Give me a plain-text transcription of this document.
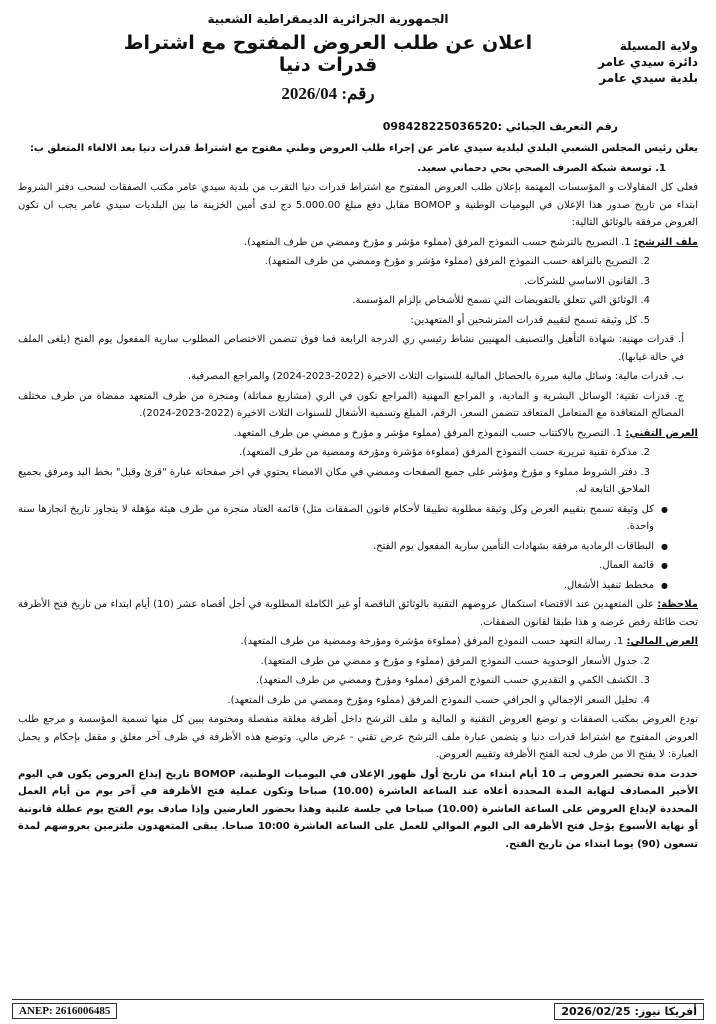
الجمهورية الجزائرية الديمقراطية الشعبية
اعلان عن طلب العروض المفتوح مع اشتراط قدرات دنيا
رقم: 2026/04
ولاية المسيلة
دائرة سيدي عامر
بلدية سيدي عامر
رقم التعريف الجبائي :098428225036520

يعلن رئيس المجلس الشعبي البلدي لبلدية سيدي عامر عن إجراء طلب العروض وطني مفتوح مع اشتراط قدرات دنيا بعد الالغاء المتعلق ب:

1. توسعة شبكة الصرف الصحي بحي دحماني سعيد.

فعلى كل المقاولات و المؤسسات المهتمة بإعلان طلب العروض المفتوح مع اشتراط قدرات دنيا التقرب من بلدية سيدي عامر مكتب الصفقات لسحب دفتر الشروط ابتداء من تاريخ صدور هذا الإعلان في اليوميات الوطنية و BOMOP مقابل دفع مبلغ 5.000.00 دج لدى أمين الخزينة ما بين البلديات سيدي عامر يجب ان تكون العروض مرفقة بالوثائق التالية:

ملف الترشح: 1. التصريح بالترشح حسب النموذج المرفق (مملوء مؤشر و مؤرخ وممضي من طرف المتعهد).

2. التصريح بالنزاهة حسب النموذج المرفق (مملوء مؤشر و مؤرخ وممضي من طرف المتعهد).

3. القانون الاساسي للشركات.

4. الوثائق التي تتعلق بالتفويضات التي تسمح للأشخاص بإلزام المؤسسة.

5. كل وثيقة تسمح لتقييم قدرات المترشحين أو المتعهدين:

أ. قدرات مهنية: شهادة التأهيل والتصنيف المهنيين نشاط رئيسي ري الدرجة الرابعة فما فوق تتضمن الاختصاص المطلوب سارية المفعول يوم الفتح (يلغى الملف في حالة غيابها).

ب. قدرات مالية: وسائل مالية مبررة بالحصائل المالية للسنوات الثلاث الاخيرة (2022-2023-2024) والمراجع المصرفية.

ج. قدرات تقنية: الوسائل البشرية و المادية، و المراجع المهنية (المراجع تكون في الري (مشاريع مماثلة) ومنجزة من طرف المتعهد ممضاة من طرف مختلف المصالح المتعاقدة مع المتعامل المتعاقد تتضمن السعر، الرقم، المبلغ وتسمية الأشغال للسنوات الثلاث الاخيرة (2022-2023-2024).

العرض التقني: 1. التصريح بالاكتتاب حسب النموذج المرفق (مملوء مؤشر و مؤرخ و ممضي من طرف المتعهد.

2. مذكرة تقنية تبريرية حسب النموذج المرفق (مملوءة مؤشرة ومؤرخة وممضية من طرف المتعهد).

3. دفتر الشروط مملوء و مؤرخ ومؤشر على جميع الصفحات وممضي في مكان الامضاء يحتوي في اخر صفحاته عبارة "قرئ وقبل" بخط اليد ومرفق بجميع الملاحق التابعة له.

● كل وثيقة تسمح بتقييم العرض وكل وثيقة مطلوبة تطبيقا لأحكام قانون الصفقات مثل) قائمة العتاد منجزة من طرف هيئة مؤهلة لا يتجاوز تاريخ انجازها سنة واحدة.

● البطاقات الرمادية مرفقة بشهادات التأمين سارية المفعول يوم الفتح.

● قائمة العمال.

● مخطط تنفيذ الأشغال.

ملاحظة: على المتعهدين عند الاقتضاء استكمال عروضهم التقنية بالوثائق الناقصة أو غير الكاملة المطلوبة في أجل أقصاه عشر (10) أيام ابتداء من تاريخ فتح الأظرفة تحت طائلة رفض عرضه و هذا طبقا لقانون الصفقات.

العرض المالي: 1. رسالة التعهد حسب النموذج المرفق (مملوءة مؤشرة ومؤرخة وممضية من طرف المتعهد).

2. جدول الأسعار الوحدوية حسب النموذج المرفق (مملوء و مؤرخ و ممضي من طرف المتعهد).

3. الكشف الكمي و التقديري حسب النموذج المرفق (مملوء ومؤرخ وممضي من طرف المتعهد).

4. تحليل السعر الإجمالي و الجزافي حسب النموذج المرفق (مملوء ومؤرخ وممضي من طرف المتعهد).

تودع العروض بمكتب الصفقات و توضع العروض التقنية و المالية و ملف الترشح داخل أظرفة مغلقة منفصلة ومختومة يبين كل منها تسمية المؤسسة و مرجع طلب العروض المفتوح مع اشتراط قدرات دنيا و يتضمن عبارة ملف الترشح عرض تقني - عرض مالي. وتوضع هذه الأظرفة في ظرف آخر مغلق و مقفل بإحكام و يحمل العبارة: لا يفتح الا من طرف لجنة الفتح الأظرفة وتقييم العروض.

حددت مدة تحضير العروض بـ 10 أيام ابتداء من تاريخ أول ظهور الإعلان في اليوميات الوطنية، BOMOP تاريخ إيداع العروض يكون في اليوم الأخير المصادف لنهاية المدة المحددة أعلاه عند الساعة العاشرة (10.00) صباحا وتكون عملية فتح الأظرفة في آخر يوم من أيام العمل المحددة لإيداع العروض على الساعة العاشرة (10.00) صباحا في جلسة علنية وهذا بحضور العارضين وإذا صادف يوم الفتح يوم عطلة قانونية أو نهاية الأسبوع يؤجل فتح الأظرفة الى اليوم الموالي للعمل على الساعة العاشرة 10:00 صباحا. يبقى المتعهدون ملتزمين بعروضهم لمدة تسعون (90) يوما ابتداء من تاريخ الفتح.

أفريكا نيوز: 2026/02/25
ANEP: 2616006485
